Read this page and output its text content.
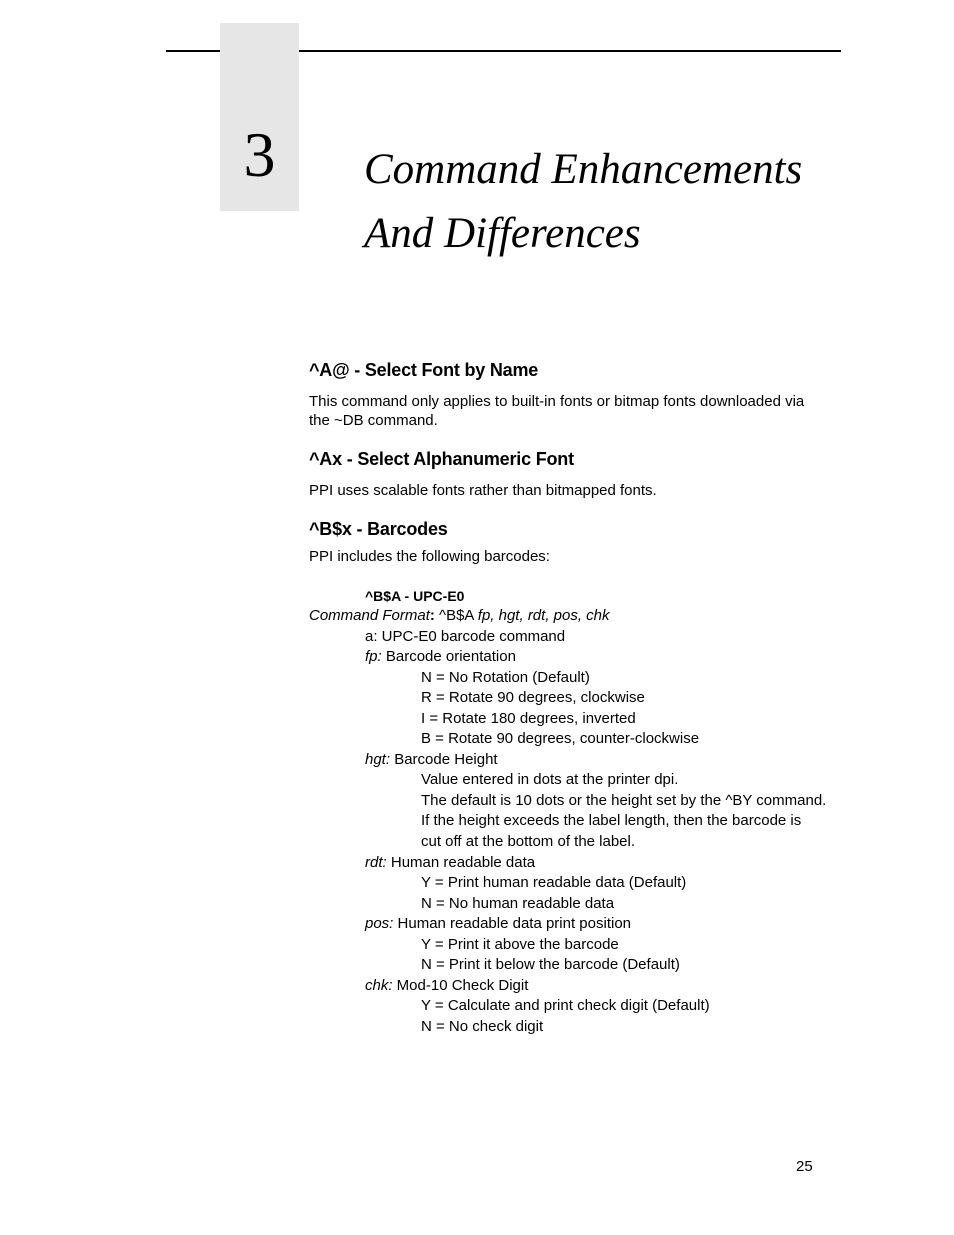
3	Command Enhancements
And Differences
^A@ - Select Font by Name
This command only applies to built-in fonts or bitmap fonts downloaded via
the ~DB command.
^Ax - Select Alphanumeric Font
PPI uses scalable fonts rather than bitmapped fonts.
^B$x - Barcodes
PPI includes the following barcodes:
^B$A - UPC-E0
Command Format: ^B$A fp, hgt, rdt, pos, chk
a: UPC-E0 barcode command
fp: Barcode orientation
N = No Rotation (Default)
R = Rotate 90 degrees, clockwise
I = Rotate 180 degrees, inverted
B = Rotate 90 degrees, counter-clockwise
hgt: Barcode Height
Value entered in dots at the printer dpi.
The default is 10 dots or the height set by the ^BY command.
If the height exceeds the label length, then the barcode is
cut off at the bottom of the label.
rdt: Human readable data
Y = Print human readable data (Default)
N = No human readable data
pos: Human readable data print position
Y = Print it above the barcode
N = Print it below the barcode (Default)
chk: Mod-10 Check Digit
Y = Calculate and print check digit (Default)
N = No check digit
25
